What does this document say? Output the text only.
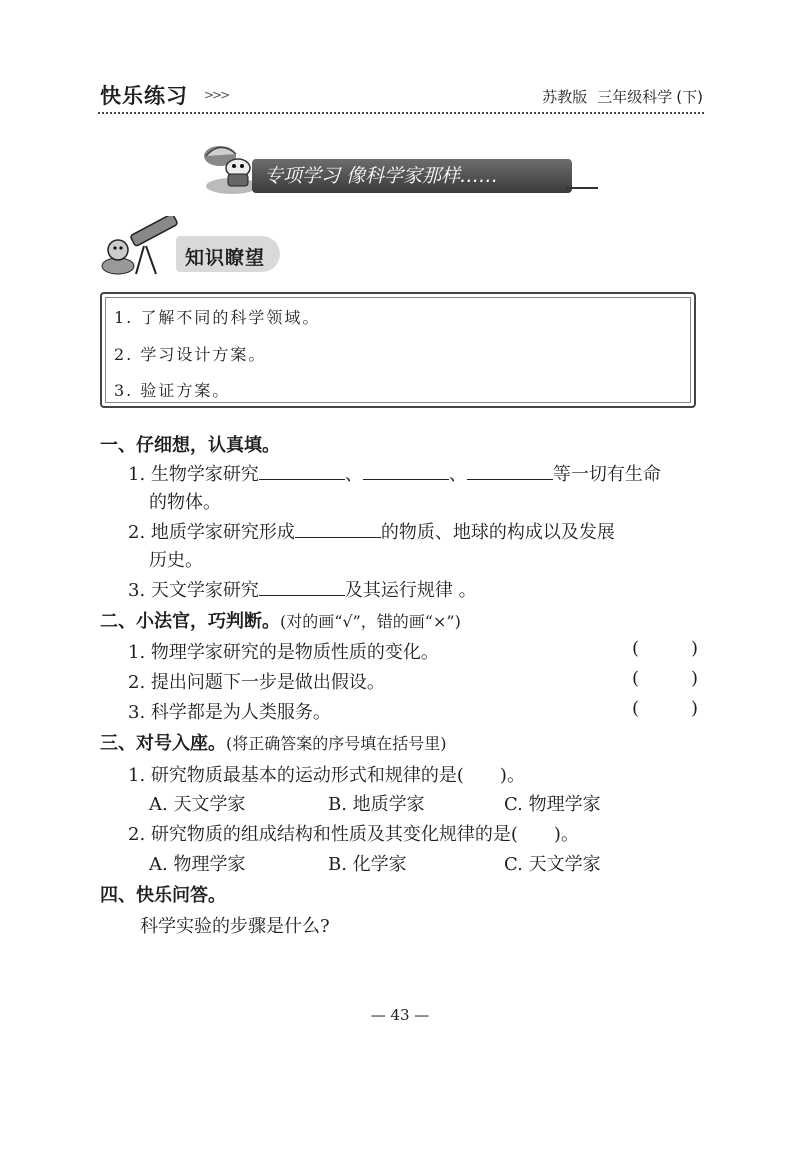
快乐练习 >>>	苏教版 三年级科学 (下)
专项学习 像科学家那样……
知识瞭望
1. 了解不同的科学领域。
2. 学习设计方案。
3. 验证方案。
一、仔细想，认真填。
1. 生物学家研究	、	、	等一切有生命
的物体。
2. 地质学家研究形成	的物质、地球的构成以及发展
历史。
3. 天文学家研究	及其运行规律 。
二、小法官，巧判断。(对的画“√”，错的画“×”)
1. 物理学家研究的是物质性质的变化。	(	)
2. 提出问题下一步是做出假设。	(	)
3. 科学都是为人类服务。	(	)
三、对号入座。(将正确答案的序号填在括号里)
1. 研究物质最基本的运动形式和规律的是(　　)。
A. 天文学家	B. 地质学家	C. 物理学家
2. 研究物质的组成结构和性质及其变化规律的是(　　)。
A. 物理学家	B. 化学家	C. 天文学家
四、快乐问答。
科学实验的步骤是什么?
— 43 —
